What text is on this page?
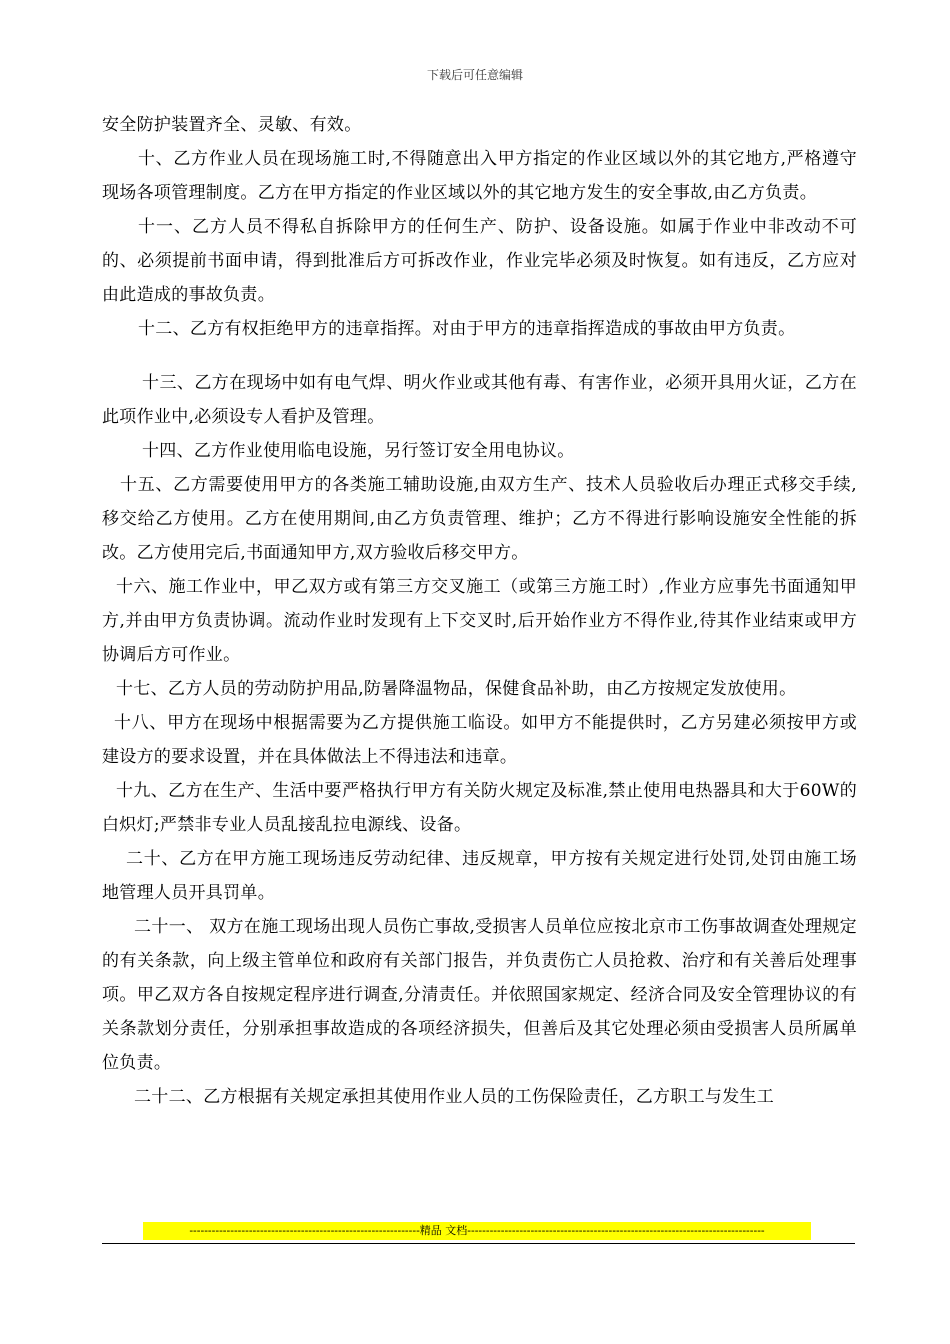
下载后可任意编辑

安全防护装置齐全、灵敏、有效。

十、乙方作业人员在现场施工时,不得随意出入甲方指定的作业区域以外的其它地方,严格遵守现场各项管理制度。乙方在甲方指定的作业区域以外的其它地方发生的安全事故,由乙方负责。

十一、乙方人员不得私自拆除甲方的任何生产、防护、设备设施。如属于作业中非改动不可的、必须提前书面申请，得到批准后方可拆改作业，作业完毕必须及时恢复。如有违反，乙方应对由此造成的事故负责。

十二、乙方有权拒绝甲方的违章指挥。对由于甲方的违章指挥造成的事故由甲方负责。

十三、乙方在现场中如有电气焊、明火作业或其他有毒、有害作业，必须开具用火证，乙方在此项作业中,必须设专人看护及管理。

十四、乙方作业使用临电设施，另行签订安全用电协议。

十五、乙方需要使用甲方的各类施工辅助设施,由双方生产、技术人员验收后办理正式移交手续,移交给乙方使用。乙方在使用期间,由乙方负责管理、维护；乙方不得进行影响设施安全性能的拆改。乙方使用完后,书面通知甲方,双方验收后移交甲方。

十六、施工作业中，甲乙双方或有第三方交叉施工（或第三方施工时）,作业方应事先书面通知甲方,并由甲方负责协调。流动作业时发现有上下交叉时,后开始作业方不得作业,待其作业结束或甲方协调后方可作业。

十七、乙方人员的劳动防护用品,防暑降温物品，保健食品补助，由乙方按规定发放使用。

十八、甲方在现场中根据需要为乙方提供施工临设。如甲方不能提供时，乙方另建必须按甲方或建设方的要求设置，并在具体做法上不得违法和违章。

十九、乙方在生产、生活中要严格执行甲方有关防火规定及标准,禁止使用电热器具和大于60W的白炽灯;严禁非专业人员乱接乱拉电源线、设备。

二十、乙方在甲方施工现场违反劳动纪律、违反规章，甲方按有关规定进行处罚,处罚由施工场地管理人员开具罚单。

二十一、 双方在施工现场出现人员伤亡事故,受损害人员单位应按北京市工伤事故调查处理规定的有关条款，向上级主管单位和政府有关部门报告，并负责伤亡人员抢救、治疗和有关善后处理事项。甲乙双方各自按规定程序进行调查,分清责任。并依照国家规定、经济合同及安全管理协议的有关条款划分责任，分别承担事故造成的各项经济损失，但善后及其它处理必须由受损害人员所属单位负责。

二十二、乙方根据有关规定承担其使用作业人员的工伤保险责任，乙方职工与发生工

--------------------------------------------------------------精品 文档--------------------------------------------------------------------------------
